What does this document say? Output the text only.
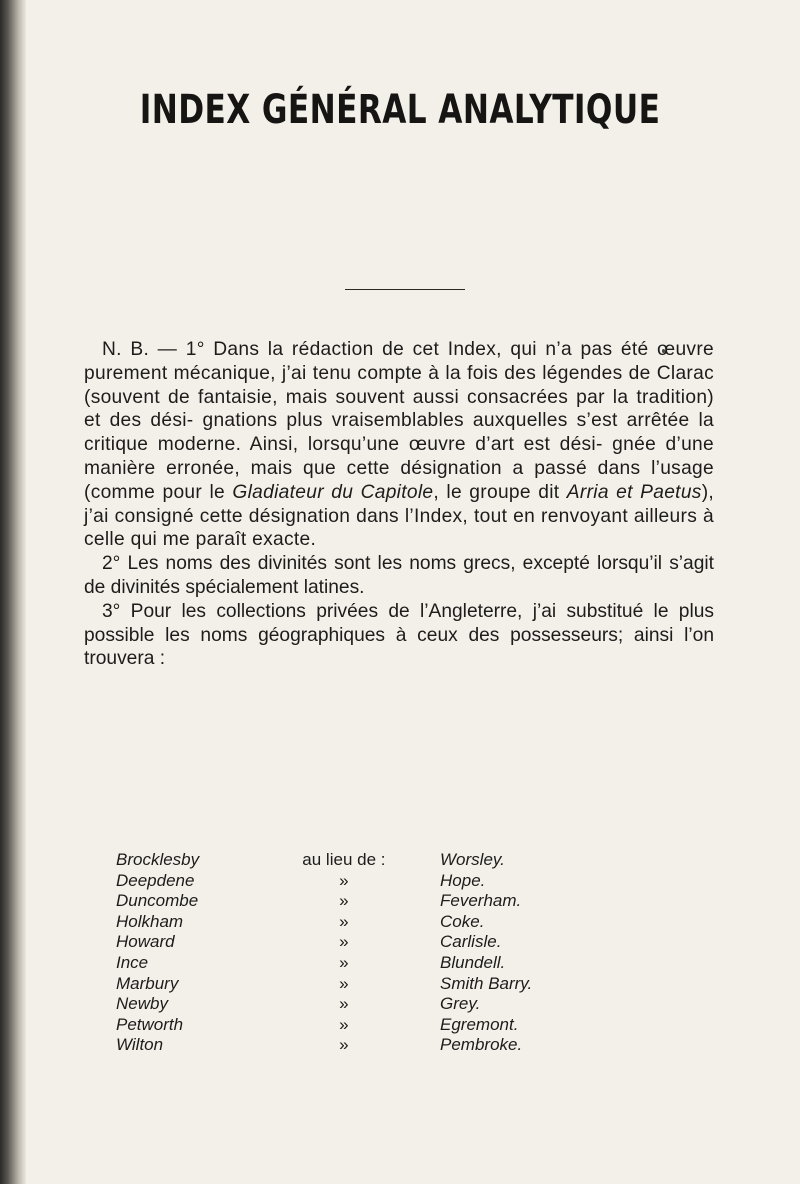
INDEX GÉNÉRAL ANALYTIQUE

N. B. — 1° Dans la rédaction de cet Index, qui n’a pas été œuvre purement mécanique, j’ai tenu compte à la fois des légendes de Clarac (souvent de fantaisie, mais souvent aussi consacrées par la tradition) et des dési- gnations plus vraisemblables auxquelles s’est arrêtée la critique moderne. Ainsi, lorsqu’une œuvre d’art est dési- gnée d’une manière erronée, mais que cette désignation a passé dans l’usage (comme pour le Gladiateur du Capitole, le groupe dit Arria et Paetus), j’ai consigné cette désignation dans l’Index, tout en renvoyant ailleurs à celle qui me paraît exacte.

2° Les noms des divinités sont les noms grecs, excepté lorsqu’il s’agit de divinités spécialement latines.

3° Pour les collections privées de l’Angleterre, j’ai substitué le plus possible les noms géographiques à ceux des possesseurs; ainsi l’on trouvera :

Brocklesby	au lieu de :	Worsley.
Deepdene	»	Hope.
Duncombe	»	Feverham.
Holkham	»	Coke.
Howard	»	Carlisle.
Ince	»	Blundell.
Marbury	»	Smith Barry.
Newby	»	Grey.
Petworth	»	Egremont.
Wilton	»	Pembroke.
